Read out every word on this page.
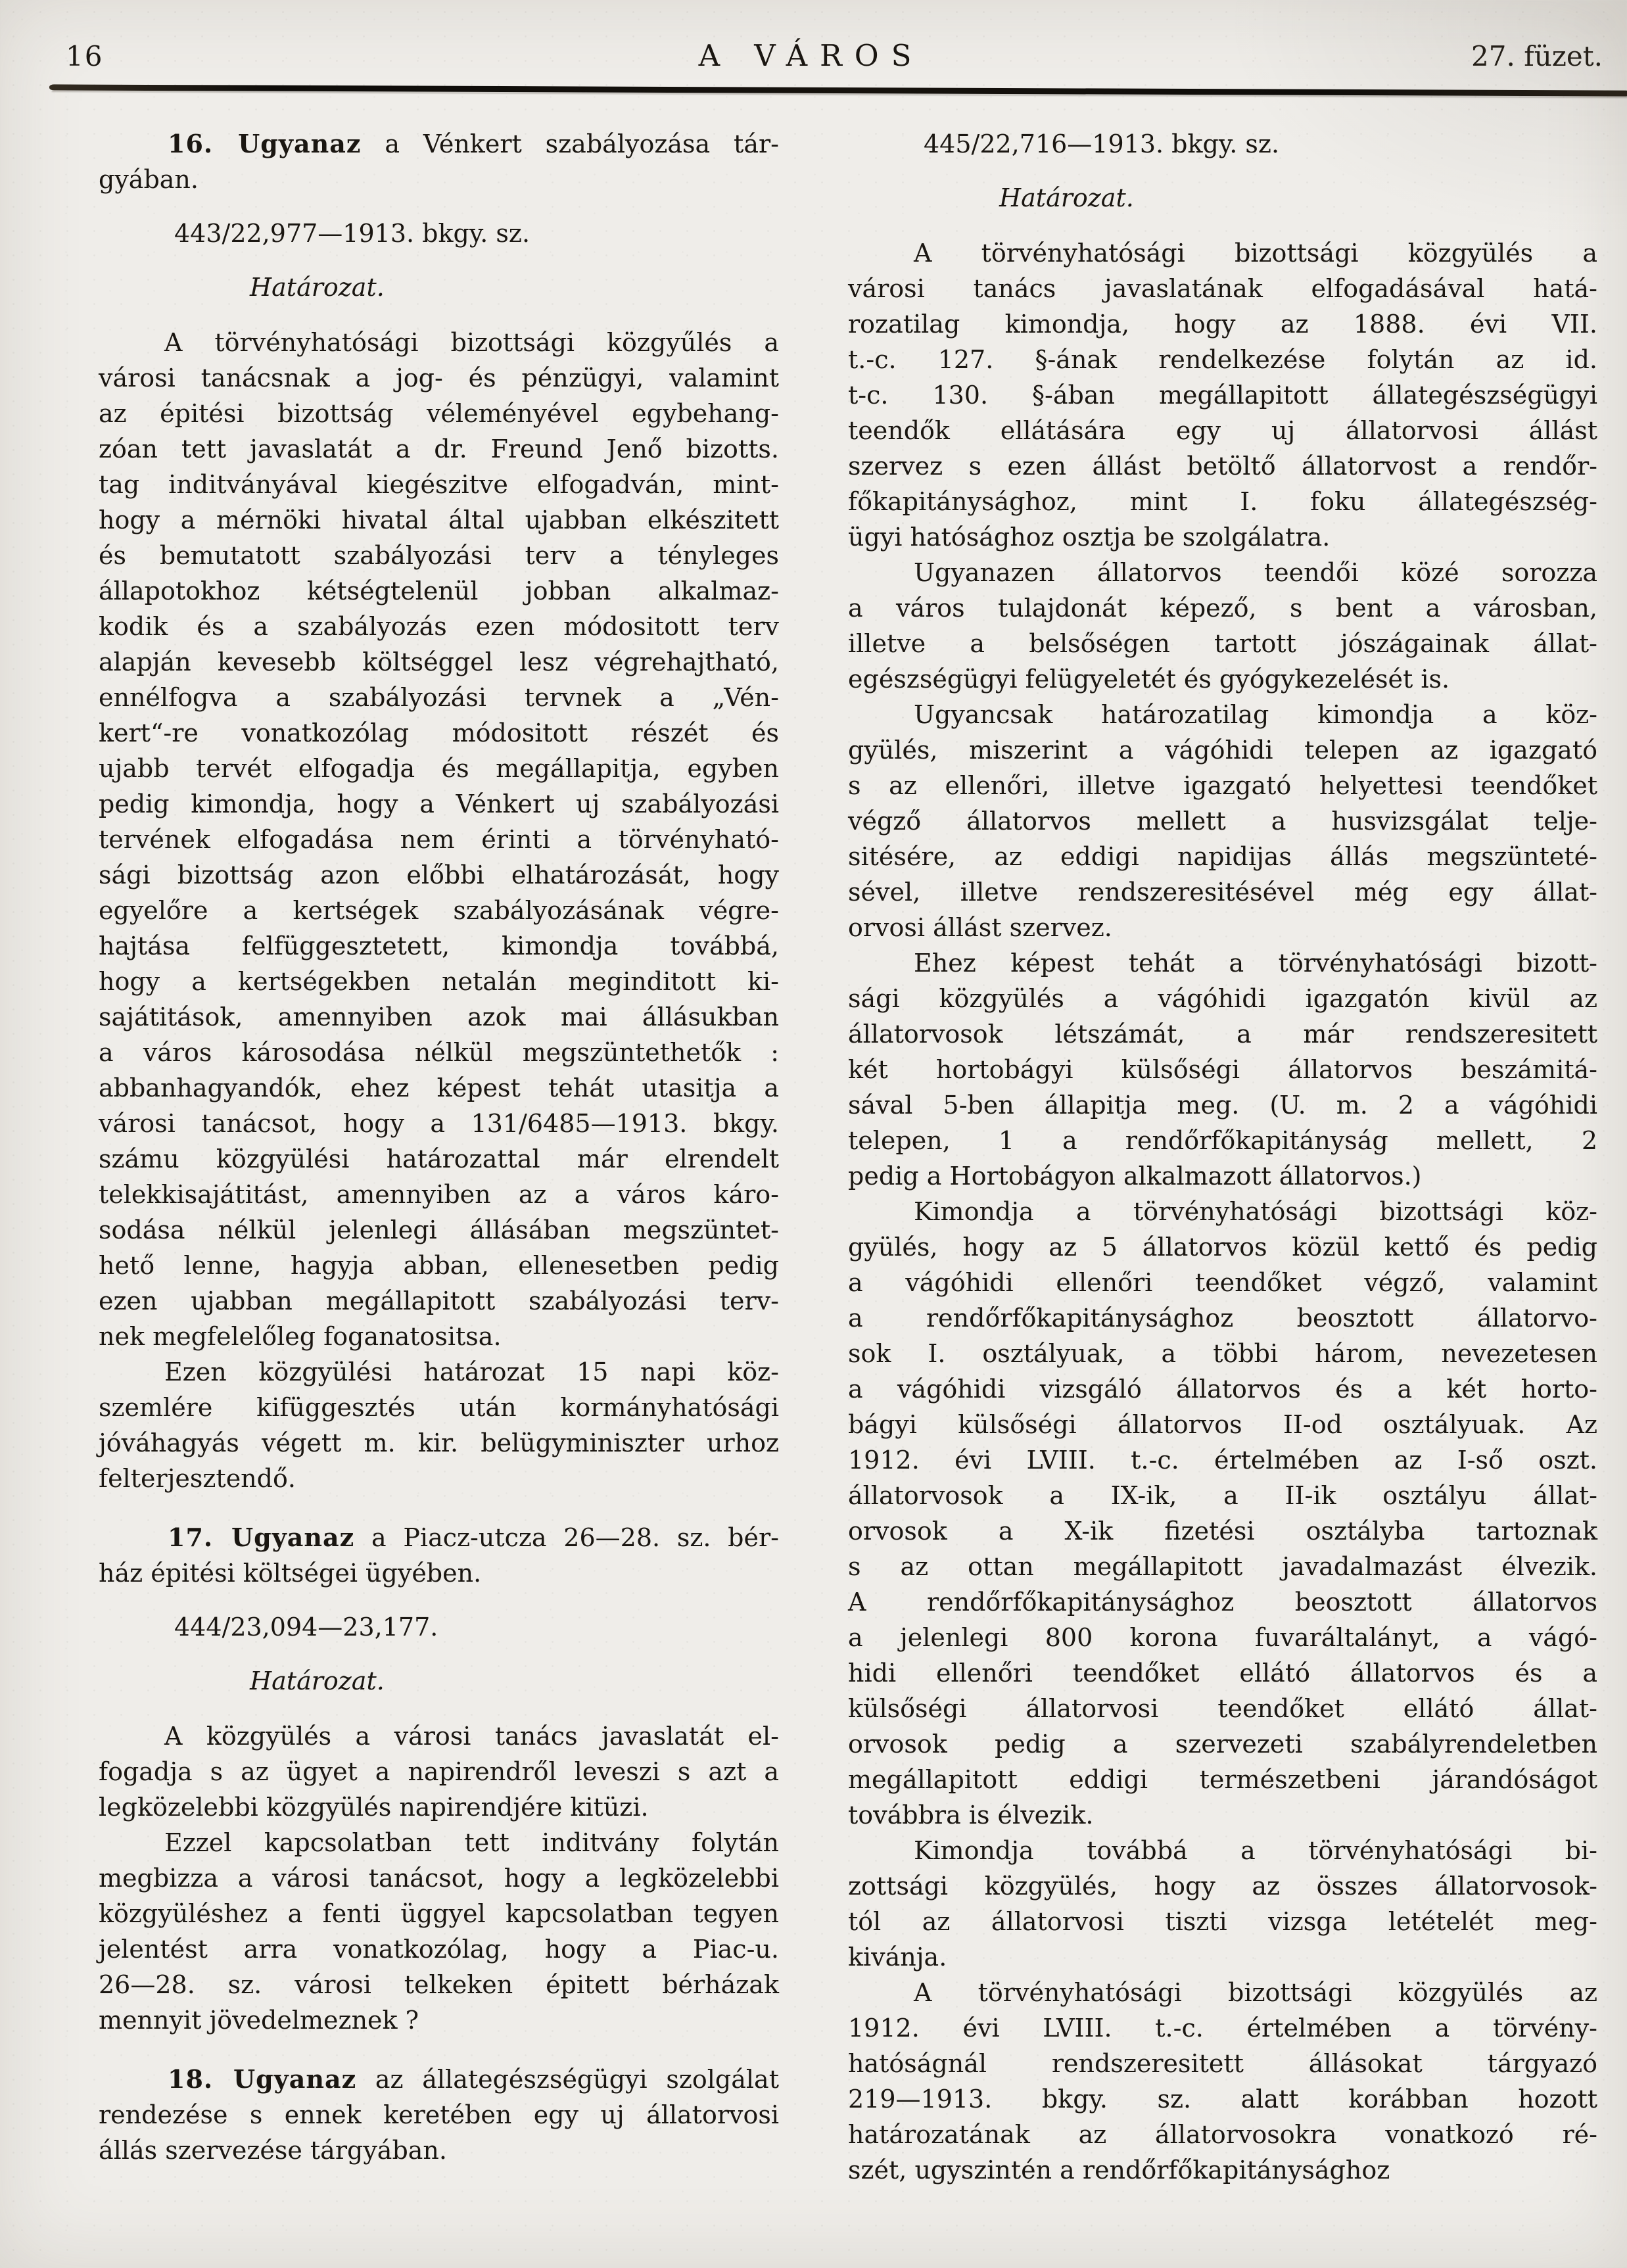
16	A VÁROS	27. füzet.
16. Ugyanaz a Vénkert szabályozása tár-
gyában.
443/22,977—1913. bkgy. sz.
Határozat.
A törvényhatósági bizottsági közgyűlés a
városi tanácsnak a jog- és pénzügyi, valamint
az épitési bizottság véleményével egybehang-
zóan tett javaslatát a dr. Freund Jenő bizotts.
tag inditványával kiegészitve elfogadván, mint-
hogy a mérnöki hivatal által ujabban elkészitett
és bemutatott szabályozási terv a tényleges
állapotokhoz kétségtelenül jobban alkalmaz-
kodik és a szabályozás ezen módositott terv
alapján kevesebb költséggel lesz végrehajtható,
ennélfogva a szabályozási tervnek a „Vén-
kert“-re vonatkozólag módositott részét és
ujabb tervét elfogadja és megállapitja, egyben
pedig kimondja, hogy a Vénkert uj szabályozási
tervének elfogadása nem érinti a törvényható-
sági bizottság azon előbbi elhatározását, hogy
egyelőre a kertségek szabályozásának végre-
hajtása felfüggesztetett, kimondja továbbá,
hogy a kertségekben netalán meginditott ki-
sajátitások, amennyiben azok mai állásukban
a város károsodása nélkül megszüntethetők :
abbanhagyandók, ehez képest tehát utasitja a
városi tanácsot, hogy a 131/6485—1913. bkgy.
számu közgyülési határozattal már elrendelt
telekkisajátitást, amennyiben az a város káro-
sodása nélkül jelenlegi állásában megszüntet-
hető lenne, hagyja abban, ellenesetben pedig
ezen ujabban megállapitott szabályozási terv-
nek megfelelőleg foganatositsa.
Ezen közgyülési határozat 15 napi köz-
szemlére kifüggesztés után kormányhatósági
jóváhagyás végett m. kir. belügyminiszter urhoz
felterjesztendő.
17. Ugyanaz a Piacz-utcza 26—28. sz. bér-
ház épitési költségei ügyében.
444/23,094—23,177.
Határozat.
A közgyülés a városi tanács javaslatát el-
fogadja s az ügyet a napirendről leveszi s azt a
legközelebbi közgyülés napirendjére kitüzi.
Ezzel kapcsolatban tett inditvány folytán
megbizza a városi tanácsot, hogy a legközelebbi
közgyüléshez a fenti üggyel kapcsolatban tegyen
jelentést arra vonatkozólag, hogy a Piac-u.
26—28. sz. városi telkeken épitett bérházak
mennyit jövedelmeznek ?
18. Ugyanaz az állategészségügyi szolgálat
rendezése s ennek keretében egy uj állatorvosi
állás szervezése tárgyában.
445/22,716—1913. bkgy. sz.
Határozat.
A törvényhatósági bizottsági közgyülés a
városi tanács javaslatának elfogadásával hatá-
rozatilag kimondja, hogy az 1888. évi VII.
t.-c. 127. §-ának rendelkezése folytán az id.
t-c. 130. §-ában megállapitott állategészségügyi
teendők ellátására egy uj állatorvosi állást
szervez s ezen állást betöltő állatorvost a rendőr-
főkapitánysághoz, mint I. foku állategészség-
ügyi hatósághoz osztja be szolgálatra.
Ugyanazen állatorvos teendői közé sorozza
a város tulajdonát képező, s bent a városban,
illetve a belsőségen tartott jószágainak állat-
egészségügyi felügyeletét és gyógykezelését is.
Ugyancsak határozatilag kimondja a köz-
gyülés, miszerint a vágóhidi telepen az igazgató
s az ellenőri, illetve igazgató helyettesi teendőket
végző állatorvos mellett a husvizsgálat telje-
sitésére, az eddigi napidijas állás megszünteté-
sével, illetve rendszeresitésével még egy állat-
orvosi állást szervez.
Ehez képest tehát a törvényhatósági bizott-
sági közgyülés a vágóhidi igazgatón kivül az
állatorvosok létszámát, a már rendszeresitett
két hortobágyi külsőségi állatorvos beszámitá-
sával 5-ben állapitja meg. (U. m. 2 a vágóhidi
telepen, 1 a rendőrfőkapitányság mellett, 2
pedig a Hortobágyon alkalmazott állatorvos.)
Kimondja a törvényhatósági bizottsági köz-
gyülés, hogy az 5 állatorvos közül kettő és pedig
a vágóhidi ellenőri teendőket végző, valamint
a rendőrfőkapitánysághoz beosztott állatorvo-
sok I. osztályuak, a többi három, nevezetesen
a vágóhidi vizsgáló állatorvos és a két horto-
bágyi külsőségi állatorvos II-od osztályuak. Az
1912. évi LVIII. t.-c. értelmében az I-ső oszt.
állatorvosok a IX-ik, a II-ik osztályu állat-
orvosok a X-ik fizetési osztályba tartoznak
s az ottan megállapitott javadalmazást élvezik.
A rendőrfőkapitánysághoz beosztott állatorvos
a jelenlegi 800 korona fuvaráltalányt, a vágó-
hidi ellenőri teendőket ellátó állatorvos és a
külsőségi állatorvosi teendőket ellátó állat-
orvosok pedig a szervezeti szabályrendeletben
megállapitott eddigi természetbeni járandóságot
továbbra is élvezik.
Kimondja továbbá a törvényhatósági bi-
zottsági közgyülés, hogy az összes állatorvosok-
tól az állatorvosi tiszti vizsga letételét meg-
kivánja.
A törvényhatósági bizottsági közgyülés az
1912. évi LVIII. t.-c. értelmében a törvény-
hatóságnál rendszeresitett állásokat tárgyazó
219—1913. bkgy. sz. alatt korábban hozott
határozatának az állatorvosokra vonatkozó ré-
szét, ugyszintén a rendőrfőkapitánysághoz
